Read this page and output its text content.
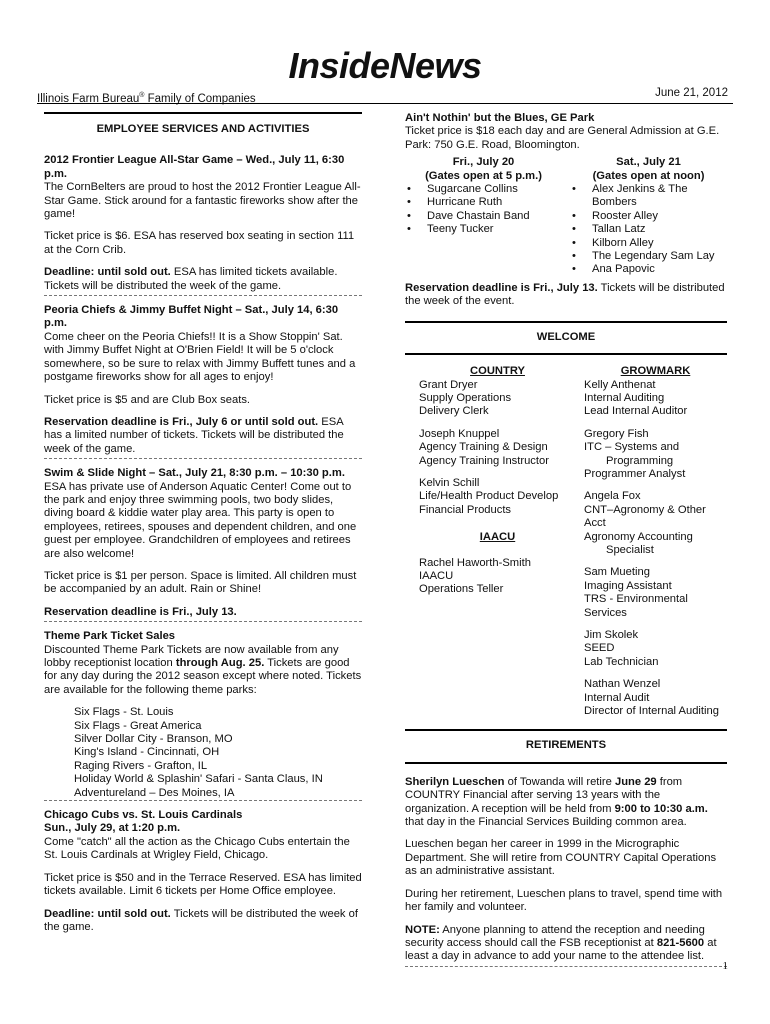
InsideNews
Illinois Farm Bureau® Family of Companies	June 21, 2012
EMPLOYEE SERVICES AND ACTIVITIES
2012 Frontier League All-Star Game – Wed., July 11, 6:30 p.m.

The CornBelters are proud to host the 2012 Frontier League All-Star Game. Stick around for a fantastic fireworks show after the game!

Ticket price is $6. ESA has reserved box seating in section 111 at the Corn Crib.

Deadline: until sold out. ESA has limited tickets available. Tickets will be distributed the week of the game.

Peoria Chiefs & Jimmy Buffet Night – Sat., July 14, 6:30 p.m.

Come cheer on the Peoria Chiefs!! It is a Show Stoppin' Sat. with Jimmy Buffet Night at O'Brien Field! It will be 5 o'clock somewhere, so be sure to relax with Jimmy Buffett tunes and a postgame fireworks show for all ages to enjoy!

Ticket price is $5 and are Club Box seats.

Reservation deadline is Fri., July 6 or until sold out. ESA has a limited number of tickets. Tickets will be distributed the week of the game.

Swim & Slide Night – Sat., July 21, 8:30 p.m. – 10:30 p.m.

ESA has private use of Anderson Aquatic Center! Come out to the park and enjoy three swimming pools, two body slides, diving board & kiddie water play area. This party is open to employees, retirees, spouses and dependent children, and one guest per employee. Grandchildren of employees and retirees are also welcome!

Ticket price is $1 per person. Space is limited. All children must be accompanied by an adult. Rain or Shine!

Reservation deadline is Fri., July 13.

Theme Park Ticket Sales

Discounted Theme Park Tickets are now available from any lobby receptionist location through Aug. 25. Tickets are good for any day during the 2012 season except where noted. Tickets are available for the following theme parks:

Six Flags - St. Louis
Six Flags - Great America
Silver Dollar City - Branson, MO
King's Island - Cincinnati, OH
Raging Rivers - Grafton, IL
Holiday World & Splashin' Safari - Santa Claus, IN
Adventureland – Des Moines, IA
Chicago Cubs vs. St. Louis Cardinals
Sun., July 29, at 1:20 p.m.

Come "catch" all the action as the Chicago Cubs entertain the St. Louis Cardinals at Wrigley Field, Chicago.

Ticket price is $50 and in the Terrace Reserved. ESA has limited tickets available. Limit 6 tickets per Home Office employee.

Deadline: until sold out. Tickets will be distributed the week of the game.

Ain't Nothin' but the Blues, GE Park
Ticket price is $18 each day and are General Admission at G.E. Park: 750 G.E. Road, Bloomington.
Fri., July 20
(Gates open at 5 p.m.)
• Sugarcane Collins
• Hurricane Ruth
• Dave Chastain Band
• Teeny Tucker
Sat., July 21
(Gates open at noon)
• Alex Jenkins & The Bombers
• Rooster Alley
• Tallan Latz
• Kilborn Alley
• The Legendary Sam Lay
• Ana Papovic

Reservation deadline is Fri., July 13. Tickets will be distributed the week of the event.

WELCOME
COUNTRY

Grant Dryer
Supply Operations
Delivery Clerk

Joseph Knuppel
Agency Training & Design
Agency Training Instructor

Kelvin Schill
Life/Health Product Develop
Financial Products

IAACU

Rachel Haworth-Smith
IAACU
Operations Teller

GROWMARK

Kelly Anthenat
Internal Auditing
Lead Internal Auditor

Gregory Fish
ITC – Systems and
Programming
Programmer Analyst

Angela Fox
CNT–Agronomy & Other Acct
Agronomy Accounting
Specialist

Sam Mueting
Imaging Assistant
TRS - Environmental
Services

Jim Skolek
SEED
Lab Technician

Nathan Wenzel
Internal Audit
Director of Internal Auditing

RETIREMENTS

Sherilyn Lueschen of Towanda will retire June 29 from COUNTRY Financial after serving 13 years with the organization. A reception will be held from 9:00 to 10:30 a.m. that day in the Financial Services Building common area.

Lueschen began her career in 1999 in the Micrographic Department. She will retire from COUNTRY Capital Operations as an administrative assistant.

During her retirement, Lueschen plans to travel, spend time with her family and volunteer.

NOTE: Anyone planning to attend the reception and needing security access should call the FSB receptionist at 821-5600 at least a day in advance to add your name to the attendee list.

1
